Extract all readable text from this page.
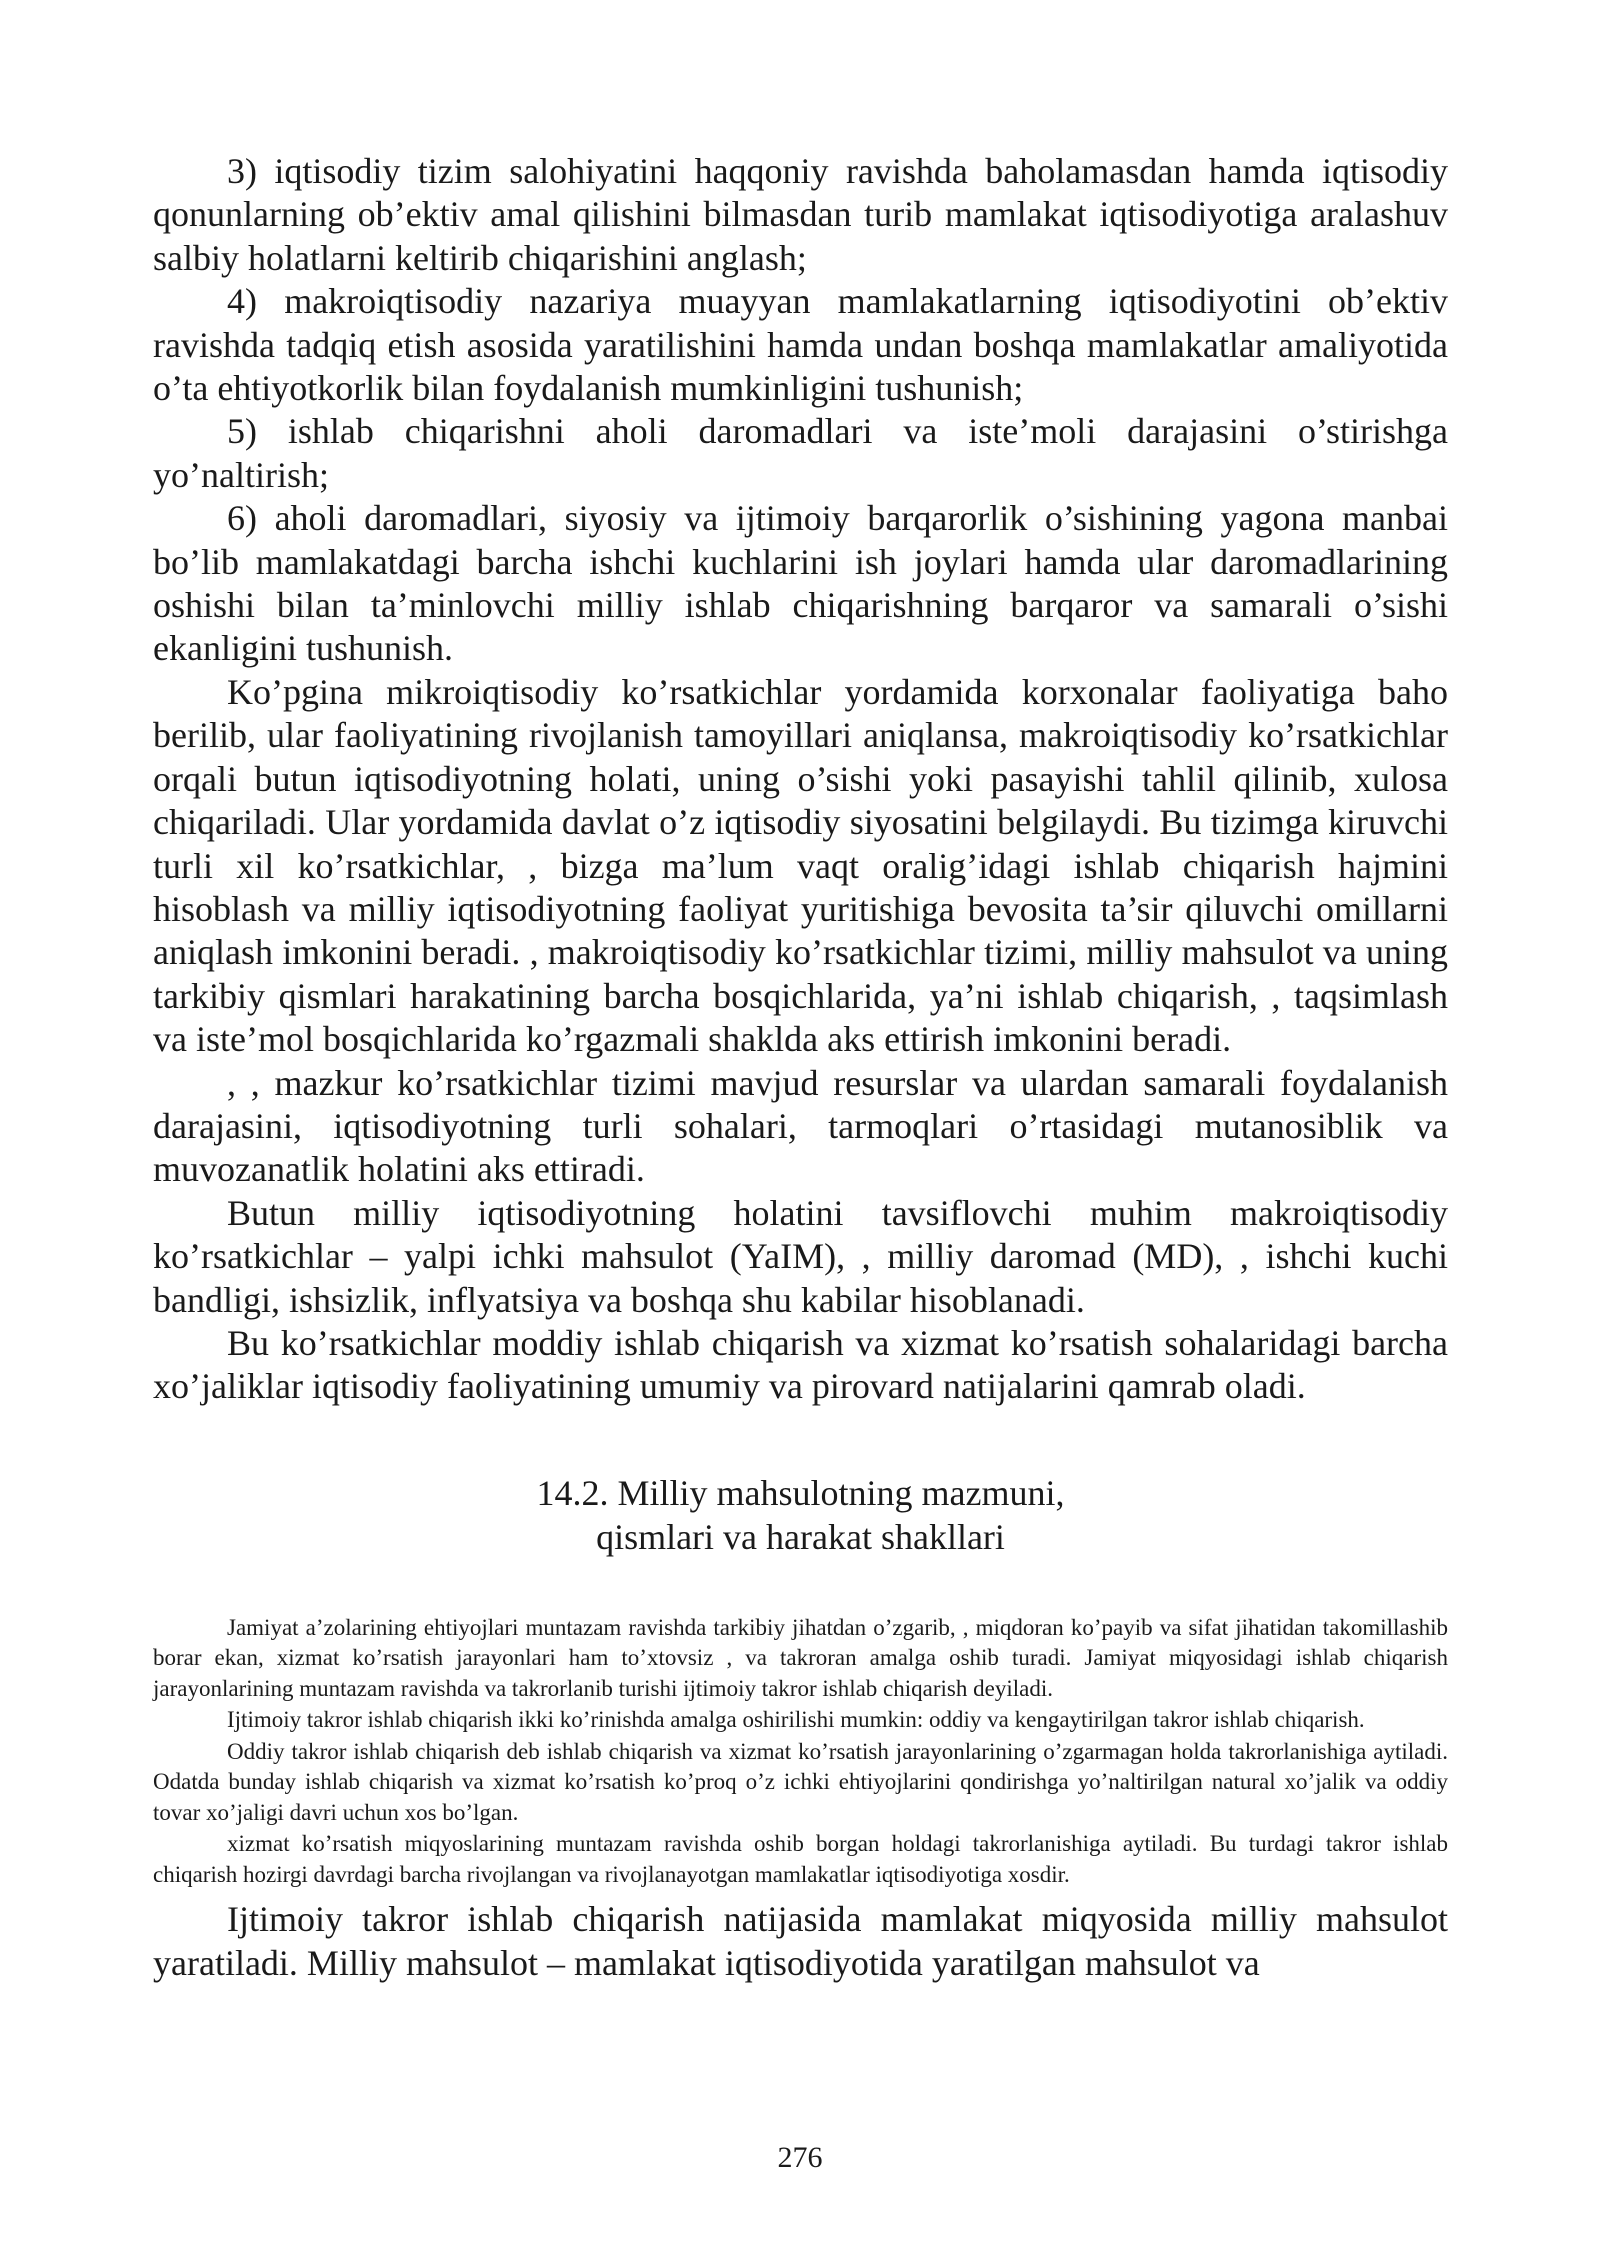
3) iqtisodiy tizim salohiyatini haqqoniy ravishda baholamasdan hamda iqtisodiy qonunlarning ob’ektiv amal qilishini bilmasdan turib mamlakat iqtisodiyotiga aralashuv salbiy holatlarni keltirib chiqarishini anglash;

4) makroiqtisodiy nazariya muayyan mamlakatlarning iqtisodiyotini ob’ektiv ravishda tadqiq etish asosida yaratilishini hamda undan boshqa mamlakatlar amaliyotida o’ta ehtiyotkorlik bilan foydalanish mumkinligini tushunish;

5) ishlab chiqarishni aholi daromadlari va iste’moli darajasini o’stirishga yo’naltirish;

6) aholi daromadlari, siyosiy va ijtimoiy barqarorlik o’sishining yagona manbai bo’lib mamlakatdagi barcha ishchi kuchlarini ish joylari hamda ular daromadlarining oshishi bilan ta’minlovchi milliy ishlab chiqarishning barqaror va samarali o’sishi ekanligini tushunish.

Ko’pgina mikroiqtisodiy ko’rsatkichlar yordamida korxonalar faoliyatiga baho berilib, ular faoliyatining rivojlanish tamoyillari aniqlansa, makroiqtisodiy ko’rsatkichlar orqali butun iqtisodiyotning holati, uning o’sishi yoki pasayishi tahlil qilinib, xulosa chiqariladi. Ular yordamida davlat o’z iqtisodiy siyosatini belgilaydi. Bu tizimga kiruvchi turli xil ko’rsatkichlar, , bizga ma’lum vaqt oralig’idagi ishlab chiqarish hajmini hisoblash va milliy iqtisodiyotning faoliyat yuritishiga bevosita ta’sir qiluvchi omillarni aniqlash imkonini beradi. , makroiqtisodiy ko’rsatkichlar tizimi, milliy mahsulot va uning tarkibiy qismlari harakatining barcha bosqichlarida, ya’ni ishlab chiqarish, , taqsimlash va iste’mol bosqichlarida ko’rgazmali shaklda aks ettirish imkonini beradi.

, , mazkur ko’rsatkichlar tizimi mavjud resurslar va ulardan samarali foydalanish darajasini, iqtisodiyotning turli sohalari, tarmoqlari o’rtasidagi mutanosiblik va muvozanatlik holatini aks ettiradi.

Butun milliy iqtisodiyotning holatini tavsiflovchi muhim makroiqtisodiy ko’rsatkichlar – yalpi ichki mahsulot (YaIM), , milliy daromad (MD), , ishchi kuchi bandligi, ishsizlik, inflyatsiya va boshqa shu kabilar hisoblanadi.

Bu ko’rsatkichlar moddiy ishlab chiqarish va xizmat ko’rsatish sohalaridagi barcha xo’jaliklar iqtisodiy faoliyatining umumiy va pirovard natijalarini qamrab oladi.

14.2. Milliy mahsulotning mazmuni,
qismlari va harakat shakllari

Jamiyat a’zolarining ehtiyojlari muntazam ravishda tarkibiy jihatdan o’zgarib, , miqdoran ko’payib va sifat jihatidan takomillashib borar ekan, xizmat ko’rsatish jarayonlari ham to’xtovsiz , va takroran amalga oshib turadi. Jamiyat miqyosidagi ishlab chiqarish jarayonlarining muntazam ravishda va takrorlanib turishi ijtimoiy takror ishlab chiqarish deyiladi.

Ijtimoiy takror ishlab chiqarish ikki ko’rinishda amalga oshirilishi mumkin: oddiy va kengaytirilgan takror ishlab chiqarish.

Oddiy takror ishlab chiqarish deb ishlab chiqarish va xizmat ko’rsatish jarayonlarining o’zgarmagan holda takrorlanishiga aytiladi. Odatda bunday ishlab chiqarish va xizmat ko’rsatish ko’proq o’z ichki ehtiyojlarini qondirishga yo’naltirilgan natural xo’jalik va oddiy tovar xo’jaligi davri uchun xos bo’lgan.

xizmat ko’rsatish miqyoslarining muntazam ravishda oshib borgan holdagi takrorlanishiga aytiladi. Bu turdagi takror ishlab chiqarish hozirgi davrdagi barcha rivojlangan va rivojlanayotgan mamlakatlar iqtisodiyotiga xosdir.

Ijtimoiy takror ishlab chiqarish natijasida mamlakat miqyosida milliy mahsulot yaratiladi. Milliy mahsulot – mamlakat iqtisodiyotida yaratilgan mahsulot va

276
